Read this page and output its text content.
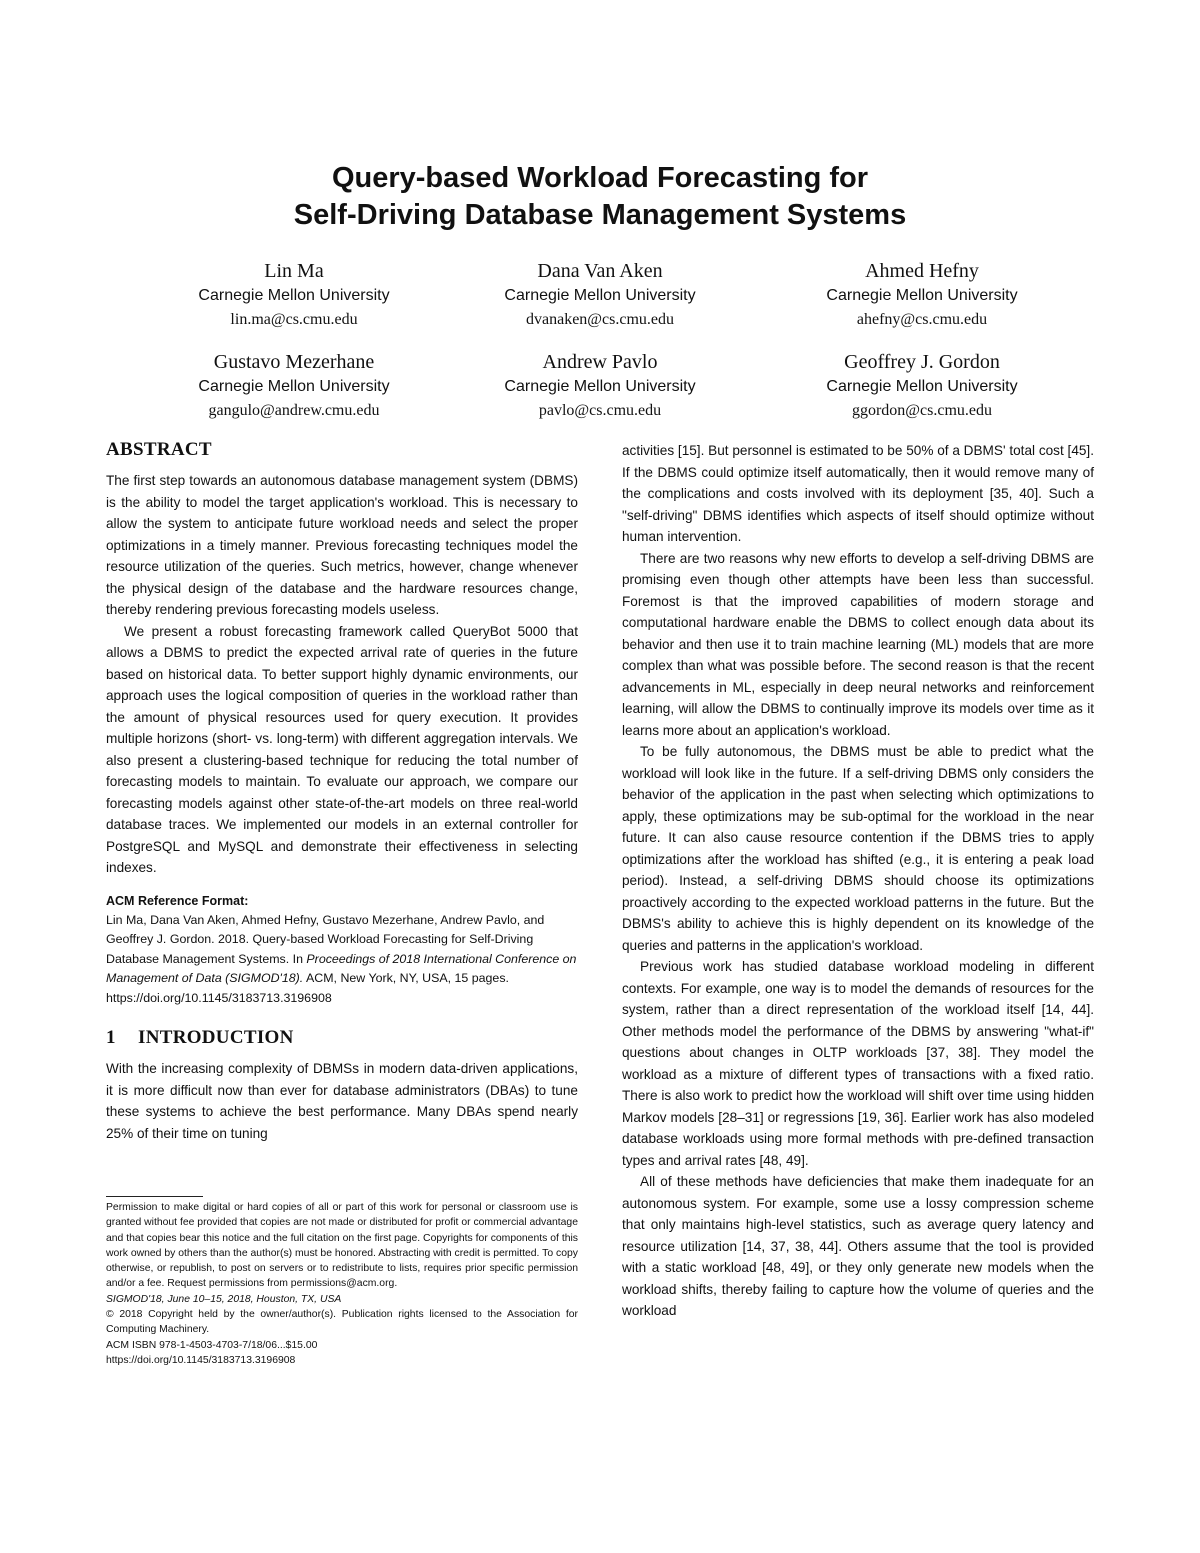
Query-based Workload Forecasting for
Self-Driving Database Management Systems
Lin Ma
Carnegie Mellon University
lin.ma@cs.cmu.edu
Dana Van Aken
Carnegie Mellon University
dvanaken@cs.cmu.edu
Ahmed Hefny
Carnegie Mellon University
ahefny@cs.cmu.edu
Gustavo Mezerhane
Carnegie Mellon University
gangulo@andrew.cmu.edu
Andrew Pavlo
Carnegie Mellon University
pavlo@cs.cmu.edu
Geoffrey J. Gordon
Carnegie Mellon University
ggordon@cs.cmu.edu
ABSTRACT

The first step towards an autonomous database management system (DBMS) is the ability to model the target application's workload. This is necessary to allow the system to anticipate future workload needs and select the proper optimizations in a timely manner. Previous forecasting techniques model the resource utilization of the queries. Such metrics, however, change whenever the physical design of the database and the hardware resources change, thereby rendering previous forecasting models useless.

We present a robust forecasting framework called QueryBot 5000 that allows a DBMS to predict the expected arrival rate of queries in the future based on historical data. To better support highly dynamic environments, our approach uses the logical composition of queries in the workload rather than the amount of physical resources used for query execution. It provides multiple horizons (short- vs. long-term) with different aggregation intervals. We also present a clustering-based technique for reducing the total number of forecasting models to maintain. To evaluate our approach, we compare our forecasting models against other state-of-the-art models on three real-world database traces. We implemented our models in an external controller for PostgreSQL and MySQL and demonstrate their effectiveness in selecting indexes.

ACM Reference Format:

Lin Ma, Dana Van Aken, Ahmed Hefny, Gustavo Mezerhane, Andrew Pavlo, and Geoffrey J. Gordon. 2018. Query-based Workload Forecasting for Self-Driving Database Management Systems. In Proceedings of 2018 International Conference on Management of Data (SIGMOD'18). ACM, New York, NY, USA, 15 pages. https://doi.org/10.1145/3183713.3196908

1 INTRODUCTION

With the increasing complexity of DBMSs in modern data-driven applications, it is more difficult now than ever for database administrators (DBAs) to tune these systems to achieve the best performance. Many DBAs spend nearly 25% of their time on tuning

Permission to make digital or hard copies of all or part of this work for personal or classroom use is granted without fee provided that copies are not made or distributed for profit or commercial advantage and that copies bear this notice and the full citation on the first page. Copyrights for components of this work owned by others than the author(s) must be honored. Abstracting with credit is permitted. To copy otherwise, or republish, to post on servers or to redistribute to lists, requires prior specific permission and/or a fee. Request permissions from permissions@acm.org.

SIGMOD'18, June 10–15, 2018, Houston, TX, USA

© 2018 Copyright held by the owner/author(s). Publication rights licensed to the Association for Computing Machinery.

ACM ISBN 978-1-4503-4703-7/18/06...$15.00

https://doi.org/10.1145/3183713.3196908

activities [15]. But personnel is estimated to be 50% of a DBMS' total cost [45]. If the DBMS could optimize itself automatically, then it would remove many of the complications and costs involved with its deployment [35, 40]. Such a "self-driving" DBMS identifies which aspects of itself should optimize without human intervention.

There are two reasons why new efforts to develop a self-driving DBMS are promising even though other attempts have been less than successful. Foremost is that the improved capabilities of modern storage and computational hardware enable the DBMS to collect enough data about its behavior and then use it to train machine learning (ML) models that are more complex than what was possible before. The second reason is that the recent advancements in ML, especially in deep neural networks and reinforcement learning, will allow the DBMS to continually improve its models over time as it learns more about an application's workload.

To be fully autonomous, the DBMS must be able to predict what the workload will look like in the future. If a self-driving DBMS only considers the behavior of the application in the past when selecting which optimizations to apply, these optimizations may be sub-optimal for the workload in the near future. It can also cause resource contention if the DBMS tries to apply optimizations after the workload has shifted (e.g., it is entering a peak load period). Instead, a self-driving DBMS should choose its optimizations proactively according to the expected workload patterns in the future. But the DBMS's ability to achieve this is highly dependent on its knowledge of the queries and patterns in the application's workload.

Previous work has studied database workload modeling in different contexts. For example, one way is to model the demands of resources for the system, rather than a direct representation of the workload itself [14, 44]. Other methods model the performance of the DBMS by answering "what-if" questions about changes in OLTP workloads [37, 38]. They model the workload as a mixture of different types of transactions with a fixed ratio. There is also work to predict how the workload will shift over time using hidden Markov models [28–31] or regressions [19, 36]. Earlier work has also modeled database workloads using more formal methods with pre-defined transaction types and arrival rates [48, 49].

All of these methods have deficiencies that make them inadequate for an autonomous system. For example, some use a lossy compression scheme that only maintains high-level statistics, such as average query latency and resource utilization [14, 37, 38, 44]. Others assume that the tool is provided with a static workload [48, 49], or they only generate new models when the workload shifts, thereby failing to capture how the volume of queries and the workload
